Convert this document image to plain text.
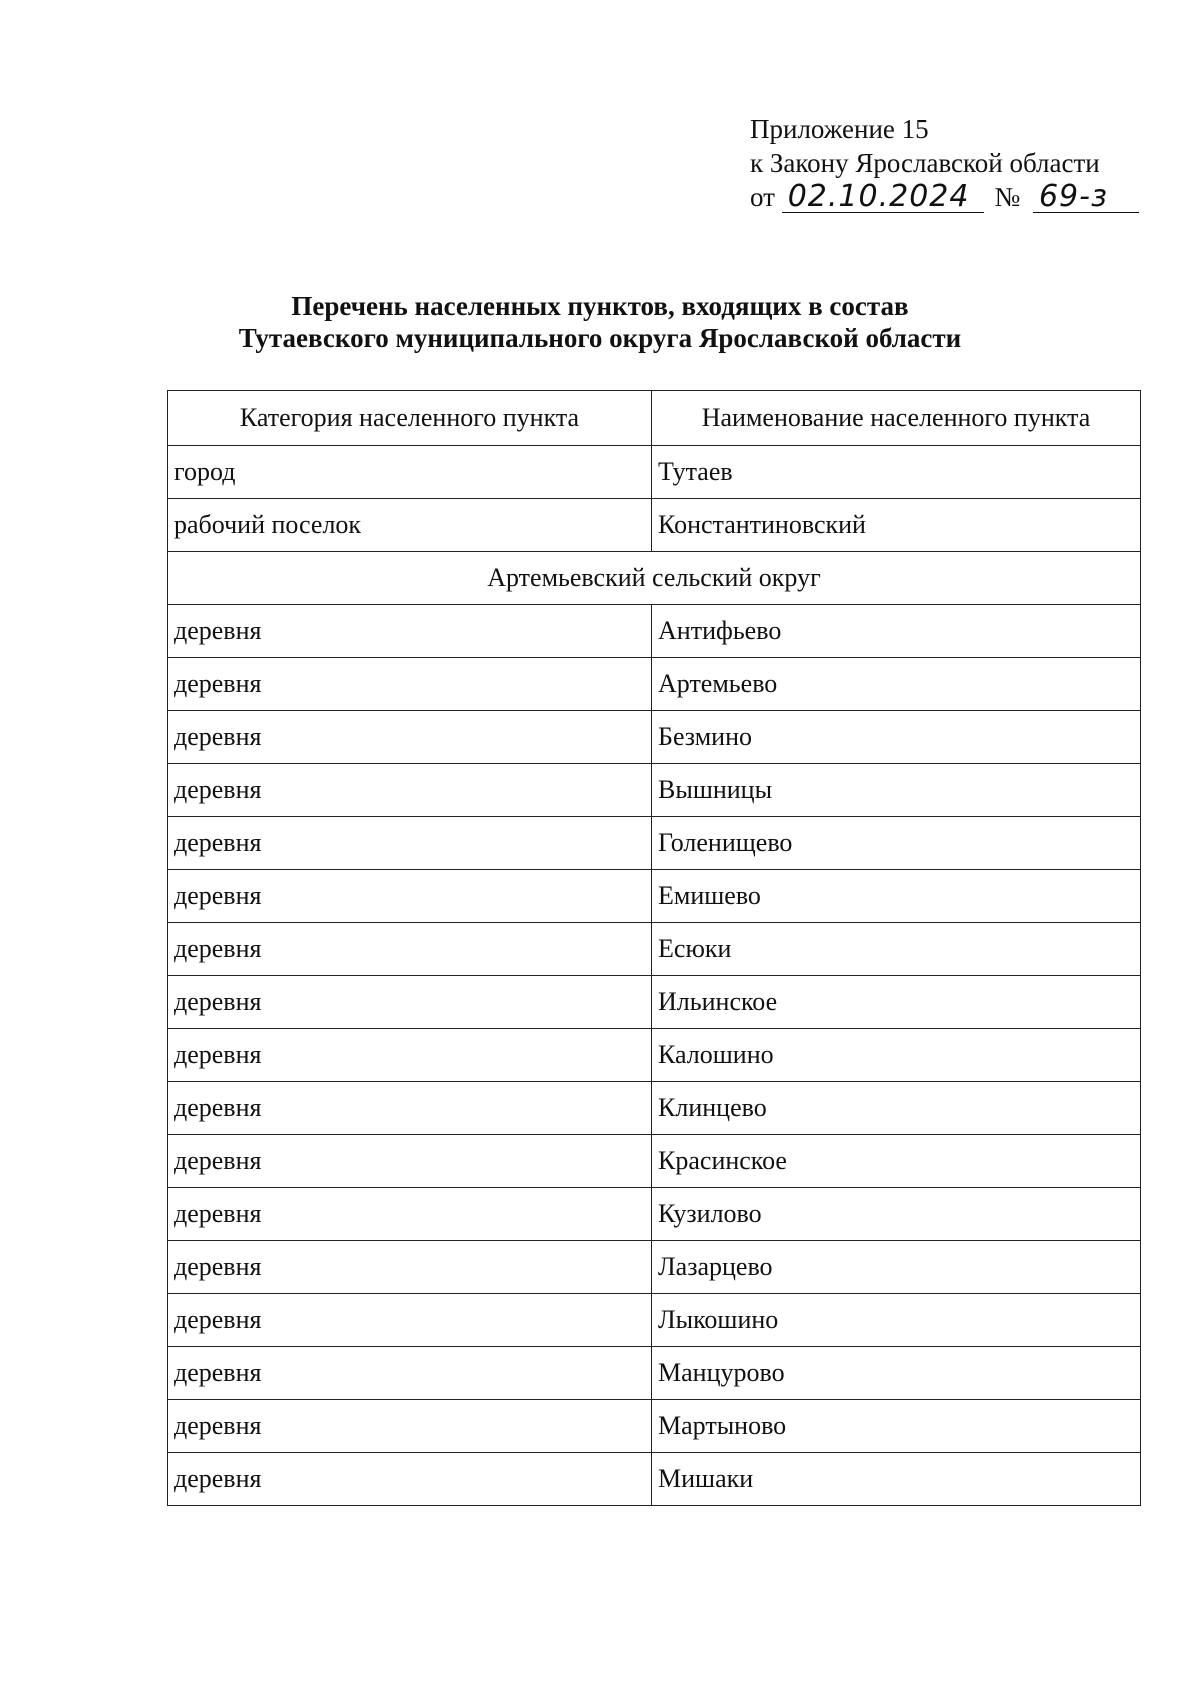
Приложение 15
к Закону Ярославской области
от 02.10.2024 № 69-з
Перечень населенных пунктов, входящих в состав
Тутаевского муниципального округа Ярославской области
Категория населенного пункта	Наименование населенного пункта
город	Тутаев
рабочий поселок	Константиновский
Артемьевский сельский округ	
деревня	Антифьево
деревня	Артемьево
деревня	Безмино
деревня	Вышницы
деревня	Голенищево
деревня	Емишево
деревня	Есюки
деревня	Ильинское
деревня	Калошино
деревня	Клинцево
деревня	Красинское
деревня	Кузилово
деревня	Лазарцево
деревня	Лыкошино
деревня	Манцурово
деревня	Мартыново
деревня	Мишаки
